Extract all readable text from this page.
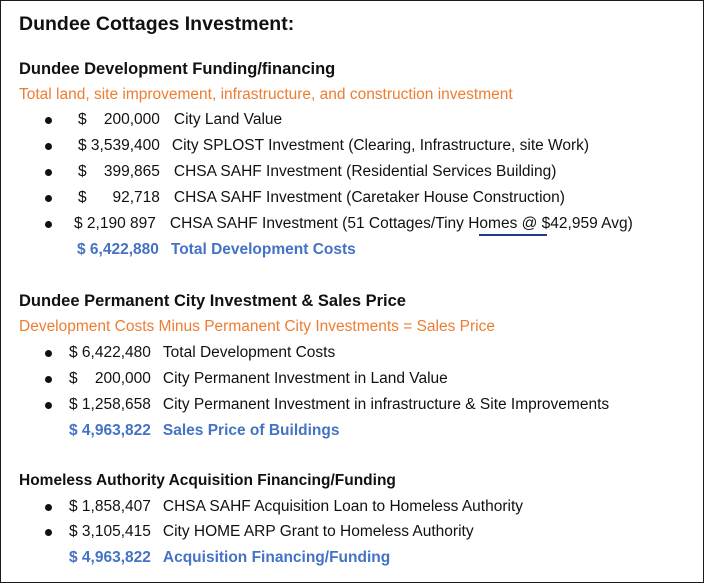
Dundee Cottages Investment:
Dundee Development Funding/financing
Total land, site improvement, infrastructure, and construction investment
$    200,000 City Land Value
$ 3,539,400 City SPLOST Investment (Clearing, Infrastructure, site Work)
$    399,865 CHSA SAHF Investment (Residential Services Building)
$      92,718 CHSA SAHF Investment (Caretaker House Construction)
$ 2,190 897 CHSA SAHF Investment (51 Cottages/Tiny Homes @ $42,959 Avg)
$ 6,422,880 Total Development Costs
Dundee Permanent City Investment & Sales Price
Development Costs Minus Permanent City Investments = Sales Price
$ 6,422,480 Total Development Costs
$    200,000 City Permanent Investment in Land Value
$ 1,258,658 City Permanent Investment in infrastructure & Site Improvements
$ 4,963,822 Sales Price of Buildings
Homeless Authority Acquisition Financing/Funding
$ 1,858,407 CHSA SAHF Acquisition Loan to Homeless Authority
$ 3,105,415 City HOME ARP Grant to Homeless Authority
$ 4,963,822 Acquisition Financing/Funding
